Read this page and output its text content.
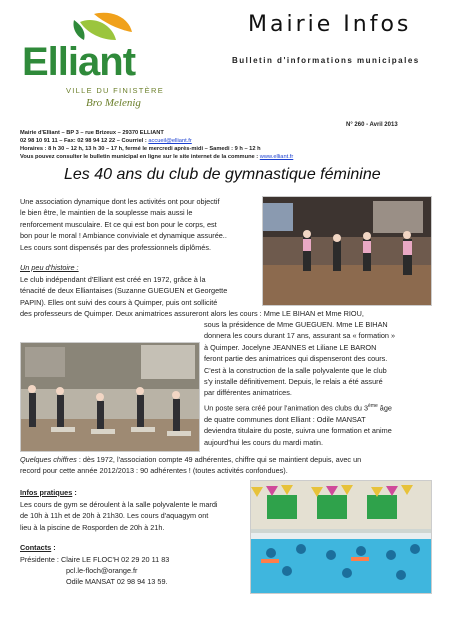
Elliant
VILLE DU FINISTÈRE
Bro Melenig
Mairie Infos
Bulletin d'informations municipales
N° 260 - Avril 2013
Mairie d'Elliant – BP 3 – rue Brizeux – 29370 ELLIANT
02 98 10 91 11 – Fax: 02 98 94 12 22 – Courriel : accueil@elliant.fr
Horaires : 8 h 30 – 12 h, 13 h 30 – 17 h, fermé le mercredi après-midi – Samedi : 9 h – 12 h
Vous pouvez consulter le bulletin municipal en ligne sur le site internet de la commune : www.elliant.fr
Les 40 ans du club de gymnastique féminine
Une association dynamique dont les activités ont pour objectif
le bien être, le maintien de la souplesse mais aussi le
renforcement musculaire. Et ce qui est bon pour le corps, est
bon pour le moral ! Ambiance conviviale et dynamique assurée..
Les cours sont dispensés par des professionnels diplômés.
Un peu d'histoire :
Le club indépendant d'Elliant est créé en 1972, grâce à la
ténacité de deux Elliantaises (Suzanne GUEGUEN et Georgette
PAPIN). Elles ont suivi des cours à Quimper, puis ont sollicité
des professeurs de Quimper. Deux animatrices assureront alors les cours : Mme LE BIHAN et Mme RIOU,
sous la présidence de Mme GUEGUEN. Mme LE BIHAN
donnera les cours durant 17 ans, assurant sa « formation »
à Quimper. Jocelyne JEANNES et Liliane LE BARON
feront partie des animatrices qui dispenseront des cours.
C'est à la construction de la salle polyvalente que le club
s'y installe définitivement. Depuis, le relais a été assuré
par différentes animatrices.
Un poste sera créé pour l'animation des clubs du 3ème âge
de quatre communes dont Elliant : Odile MANSAT
deviendra titulaire du poste, suivra une formation et anime
aujourd'hui les cours du mardi matin.
Quelques chiffres : dès 1972, l'association compte 49 adhérentes, chiffre qui se maintient depuis, avec un
record pour cette année 2012/2013 : 90 adhérentes ! (toutes activités confondues).
Infos pratiques :
Les cours de gym se déroulent à la salle polyvalente le mardi
de 10h à 11h et de 20h à 21h30. Les cours d'aquagym ont
lieu à la piscine de Rosporden de 20h à 21h.
Contacts :
Présidente : Claire LE FLOC'H 02 29 20 11 83
pcl.le-floch@orange.fr
Odile MANSAT 02 98 94 13 59.
